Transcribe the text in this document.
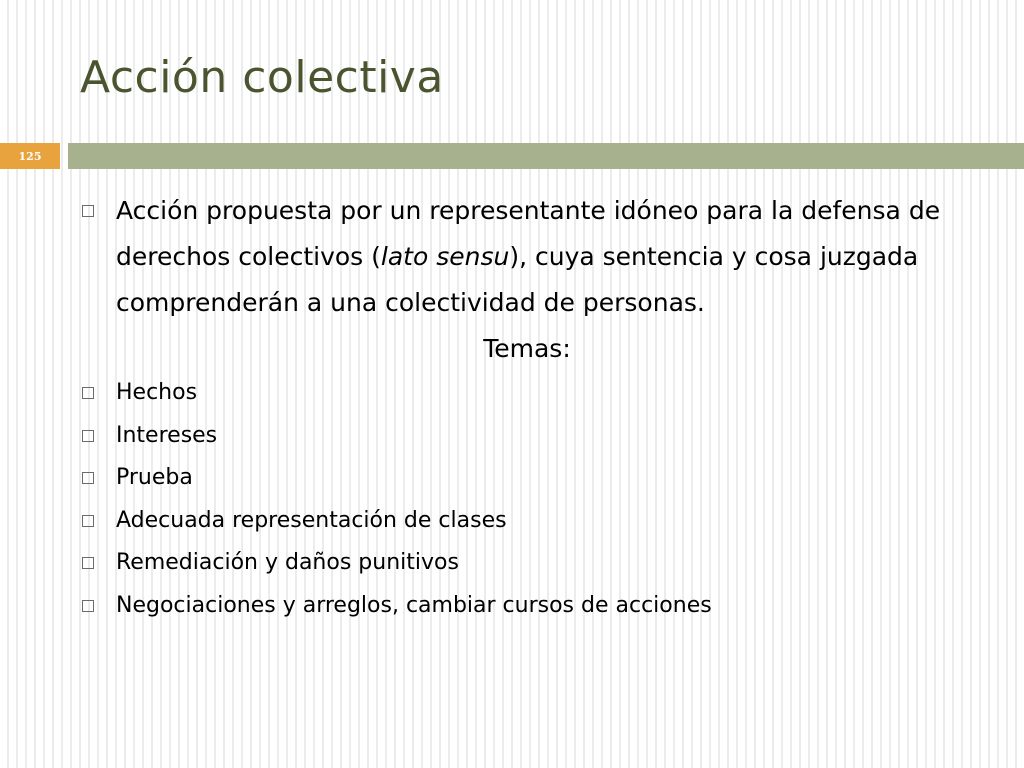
Acción colectiva
125
Acción propuesta por un representante idóneo para la defensa de derechos colectivos (lato sensu), cuya sentencia y cosa juzgada comprenderán a una colectividad de personas.
Temas:
Hechos
Intereses
Prueba
Adecuada representación de clases
Remediación y daños punitivos
Negociaciones y arreglos, cambiar cursos de acciones
